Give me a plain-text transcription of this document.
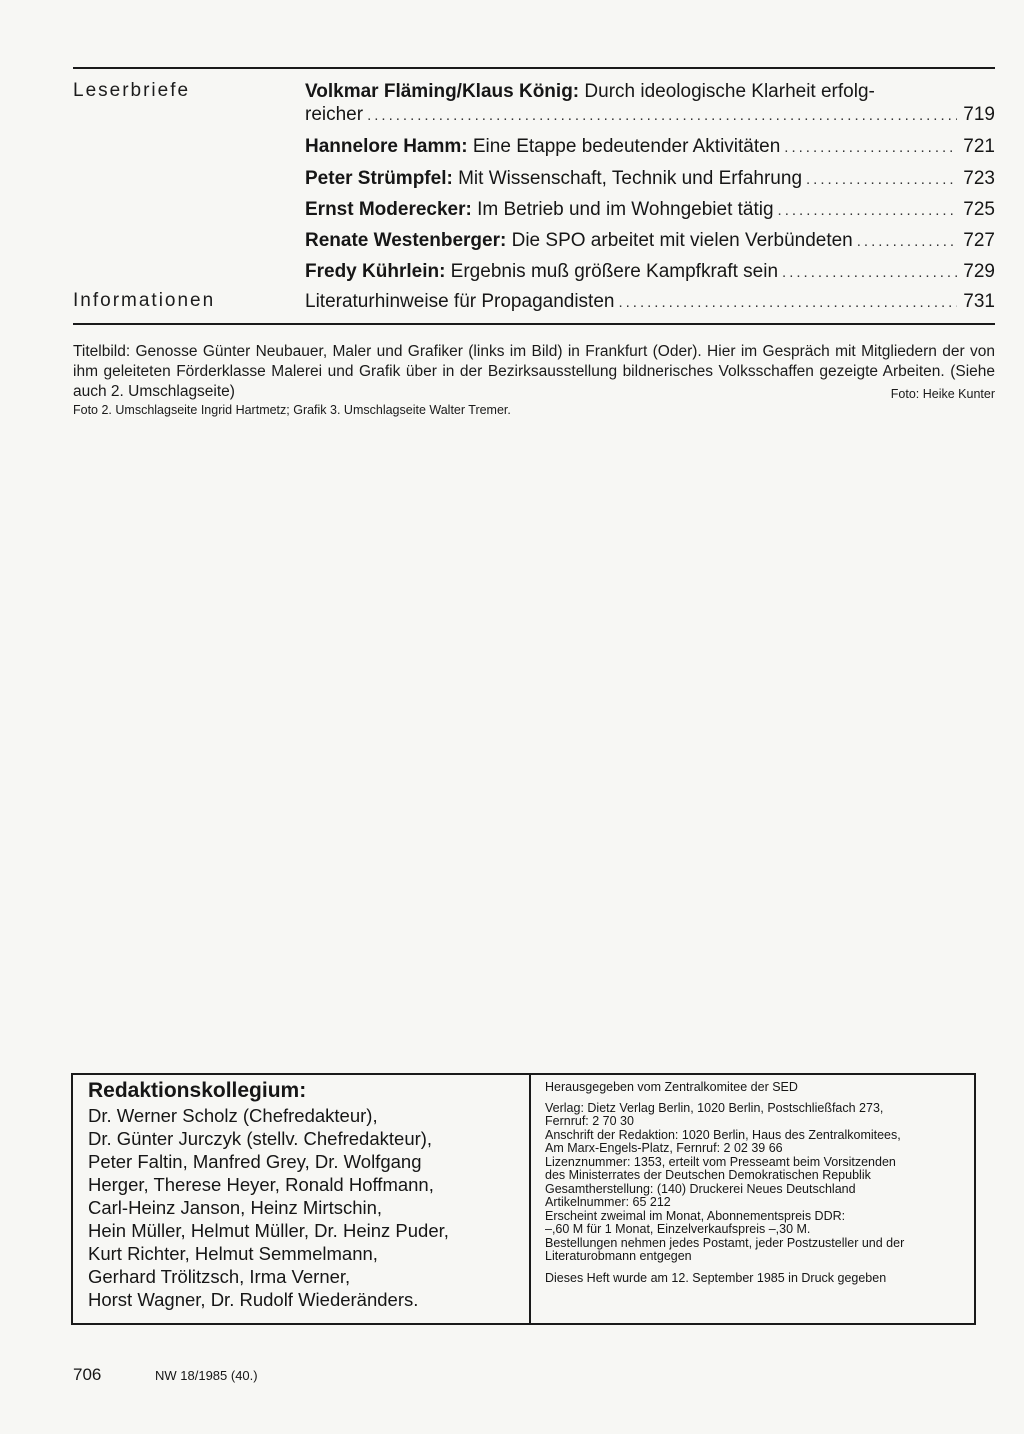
Leserbriefe	Volkmar Fläming/Klaus König: Durch ideologische Klarheit erfolg-
reicher .....	719
Hannelore Hamm: Eine Etappe bedeutender Aktivitäten .....	721
Peter Strümpfel: Mit Wissenschaft, Technik und Erfahrung .....	723
Ernst Moderecker: Im Betrieb und im Wohngebiet tätig .....	725
Renate Westenberger: Die SPO arbeitet mit vielen Verbündeten .....	727
Fredy Kührlein: Ergebnis muß größere Kampfkraft sein .....	729
Informationen	Literaturhinweise für Propagandisten .....	731
Titelbild: Genosse Günter Neubauer, Maler und Grafiker (links im Bild) in Frankfurt (Oder). Hier im Gespräch mit Mitgliedern der von ihm geleiteten Förderklasse Malerei und Grafik über in der Bezirksausstellung bildnerisches Volksschaffen gezeigte Arbeiten. (Siehe auch 2. Umschlagseite)	Foto: Heike Kunter
Foto 2. Umschlagseite Ingrid Hartmetz; Grafik 3. Umschlagseite Walter Tremer.
Redaktionskollegium:
Dr. Werner Scholz (Chefredakteur),
Dr. Günter Jurczyk (stellv. Chefredakteur),
Peter Faltin, Manfred Grey, Dr. Wolfgang
Herger, Therese Heyer, Ronald Hoffmann,
Carl-Heinz Janson, Heinz Mirtschin,
Hein Müller, Helmut Müller, Dr. Heinz Puder,
Kurt Richter, Helmut Semmelmann,
Gerhard Trölitzsch, Irma Verner,
Horst Wagner, Dr. Rudolf Wiederänders.
Herausgegeben vom Zentralkomitee der SED
Verlag: Dietz Verlag Berlin, 1020 Berlin, Postschließfach 273,
Fernruf: 2 70 30
Anschrift der Redaktion: 1020 Berlin, Haus des Zentralkomitees,
Am Marx-Engels-Platz, Fernruf: 2 02 39 66
Lizenznummer: 1353, erteilt vom Presseamt beim Vorsitzenden
des Ministerrates der Deutschen Demokratischen Republik
Gesamtherstellung: (140) Druckerei Neues Deutschland
Artikelnummer: 65 212
Erscheint zweimal im Monat, Abonnementspreis DDR:
–,60 M für 1 Monat, Einzelverkaufspreis –,30 M.
Bestellungen nehmen jedes Postamt, jeder Postzusteller und der
Literaturobmann entgegen
Dieses Heft wurde am 12. September 1985 in Druck gegeben
706	NW 18/1985 (40.)
